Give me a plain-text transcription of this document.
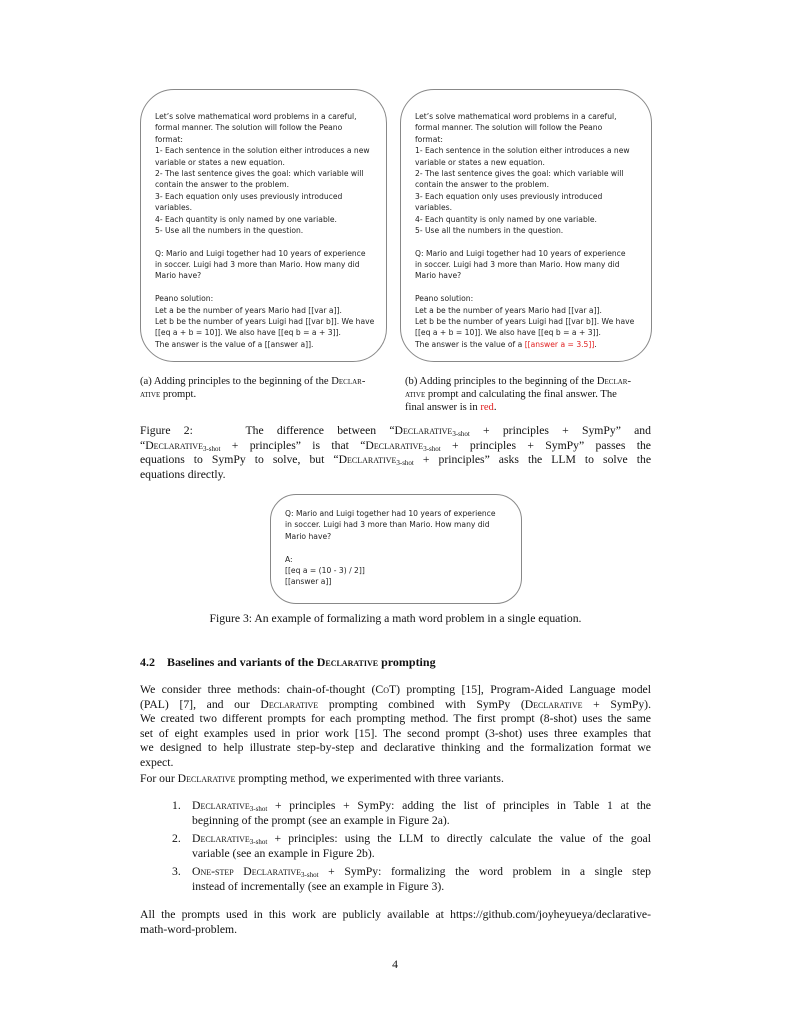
Let’s solve mathematical word problems in a careful,
formal manner. The solution will follow the Peano
format:
1- Each sentence in the solution either introduces a new
variable or states a new equation.
2- The last sentence gives the goal: which variable will
contain the answer to the problem.
3- Each equation only uses previously introduced
variables.
4- Each quantity is only named by one variable.
5- Use all the numbers in the question.
Q: Mario and Luigi together had 10 years of experience
in soccer. Luigi had 3 more than Mario. How many did
Mario have?
Peano solution:
Let a be the number of years Mario had [[var a]].
Let b be the number of years Luigi had [[var b]]. We have
[[eq a + b = 10]]. We also have [[eq b = a + 3]].
The answer is the value of a [[answer a]].
Let’s solve mathematical word problems in a careful,
formal manner. The solution will follow the Peano
format:
1- Each sentence in the solution either introduces a new
variable or states a new equation.
2- The last sentence gives the goal: which variable will
contain the answer to the problem.
3- Each equation only uses previously introduced
variables.
4- Each quantity is only named by one variable.
5- Use all the numbers in the question.
Q: Mario and Luigi together had 10 years of experience
in soccer. Luigi had 3 more than Mario. How many did
Mario have?
Peano solution:
Let a be the number of years Mario had [[var a]].
Let b be the number of years Luigi had [[var b]]. We have
[[eq a + b = 10]]. We also have [[eq b = a + 3]].
The answer is the value of a [[answer a = 3.5]].
(a) Adding principles to the beginning of the Declar-
ative prompt.
(b) Adding principles to the beginning of the Declar-
ative prompt and calculating the final answer. The
final answer is in red.
Figure 2:	The difference between “Declarative$_{3-shot}$ + principles + SymPy” and
“Declarative$_{3-shot}$ + principles” is that “Declarative$_{3-shot}$ + principles + SymPy” passes the
equations to SymPy to solve, but “Declarative$_{3-shot}$ + principles” asks the LLM to solve the
equations directly.
Q: Mario and Luigi together had 10 years of experience
in soccer. Luigi had 3 more than Mario. How many did
Mario have?
A:
[[eq a = (10 - 3) / 2]]
[[answer a]]
Figure 3: An example of formalizing a math word problem in a single equation.
4.2 Baselines and variants of the Declarative prompting
We consider three methods: chain-of-thought (CoT) prompting [15], Program-Aided Language model
(PAL) [7], and our Declarative prompting combined with SymPy (Declarative + SymPy).
We created two different prompts for each prompting method. The first prompt (8-shot) uses the same
set of eight examples used in prior work [15]. The second prompt (3-shot) uses three examples that
we designed to help illustrate step-by-step and declarative thinking and the formalization format we
expect.
For our Declarative prompting method, we experimented with three variants.
1. Declarative$_{3-shot}$ + principles + SymPy: adding the list of principles in Table 1 at the
beginning of the prompt (see an example in Figure 2a).
2. Declarative$_{3-shot}$ + principles: using the LLM to directly calculate the value of the goal
variable (see an example in Figure 2b).
3. One-step Declarative$_{3-shot}$ + SymPy: formalizing the word problem in a single step
instead of incrementally (see an example in Figure 3).
All the prompts used in this work are publicly available at https://github.com/joyheyueya/declarative-
math-word-problem.
4
